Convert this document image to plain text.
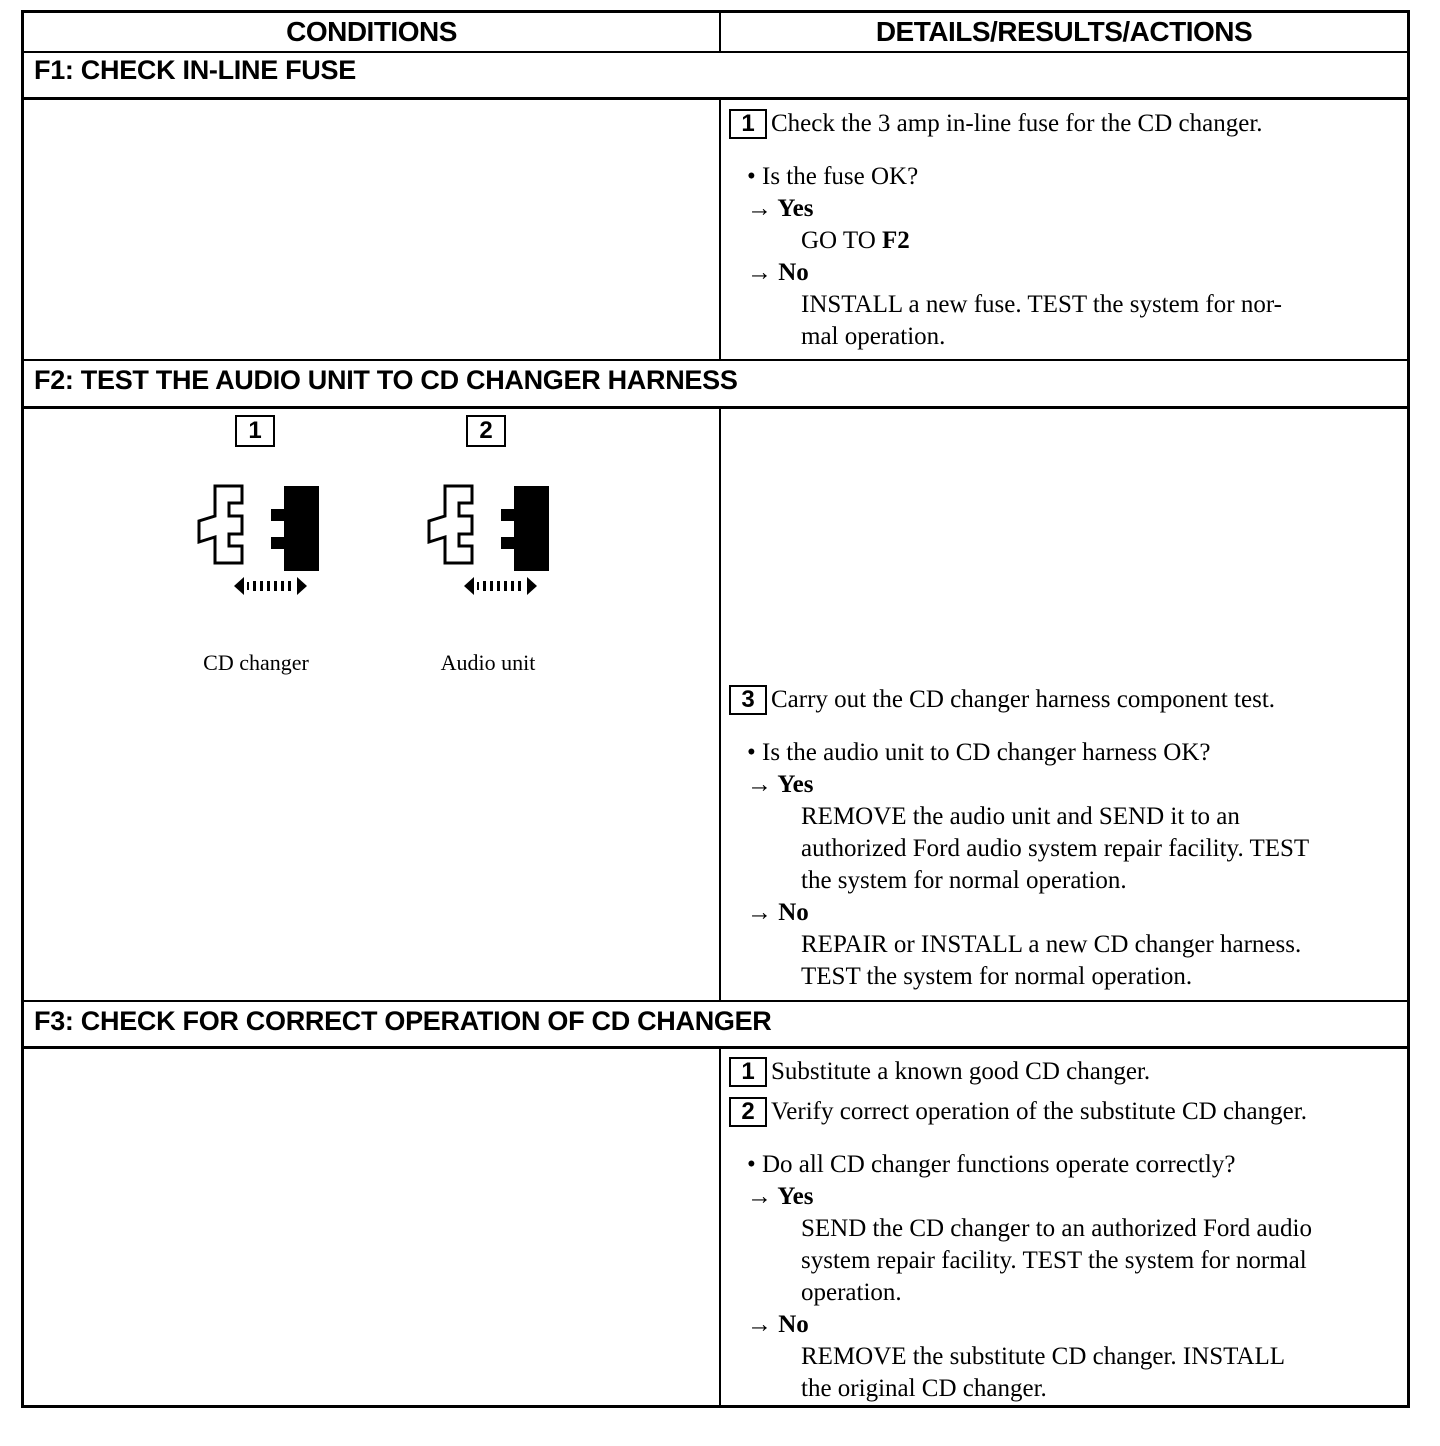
CONDITIONS	DETAILS/RESULTS/ACTIONS
F1: CHECK IN-LINE FUSE
1 Check the 3 amp in-line fuse for the CD changer.
• Is the fuse OK?
→ Yes
GO TO F2
→ No
INSTALL a new fuse. TEST the system for nor-
mal operation.
F2: TEST THE AUDIO UNIT TO CD CHANGER HARNESS
1	2
CD changer	Audio unit
3 Carry out the CD changer harness component test.
• Is the audio unit to CD changer harness OK?
→ Yes
REMOVE the audio unit and SEND it to an
authorized Ford audio system repair facility. TEST
the system for normal operation.
→ No
REPAIR or INSTALL a new CD changer harness.
TEST the system for normal operation.
F3: CHECK FOR CORRECT OPERATION OF CD CHANGER
1 Substitute a known good CD changer.
2 Verify correct operation of the substitute CD changer.
• Do all CD changer functions operate correctly?
→ Yes
SEND the CD changer to an authorized Ford audio
system repair facility. TEST the system for normal
operation.
→ No
REMOVE the substitute CD changer. INSTALL
the original CD changer.
